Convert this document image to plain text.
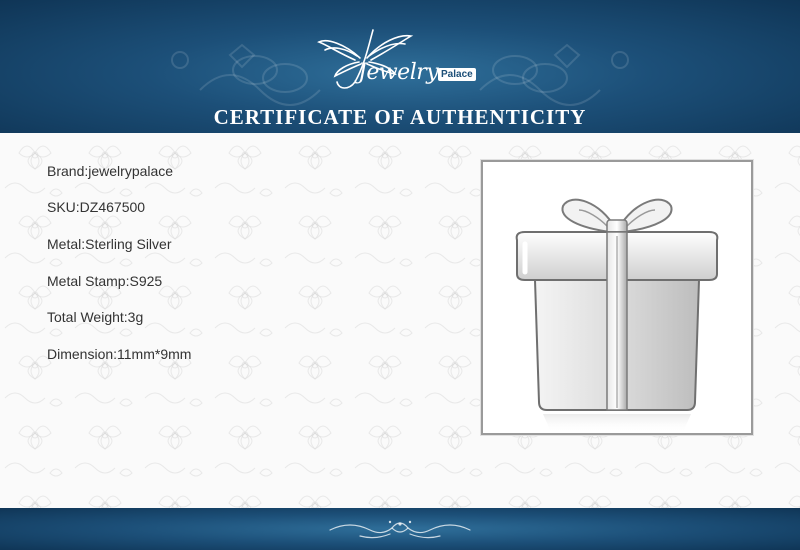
Jewelry Palace
CERTIFICATE OF AUTHENTICITY
Brand:jewelrypalace
SKU:DZ467500
Metal:Sterling Silver
Metal Stamp:S925
Total Weight:3g
Dimension:11mm*9mm
